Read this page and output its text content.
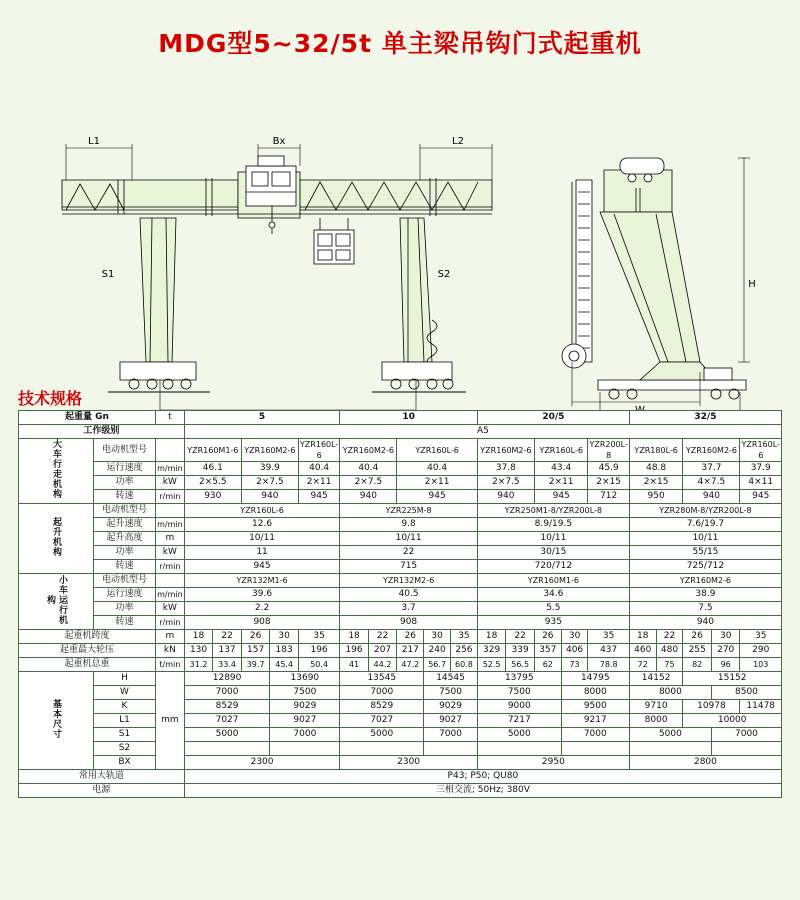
MDG型5~32/5t 单主梁吊钩门式起重机
L1	Bx	L2
S1	S2
H
技术规格
起重量 Gn		t	5					10					20/5					32/5				
工作级别			A5																			
大车行走机构	电动机型号		YZR160M1-6		YZR160M2-6		YZR160L-6	YZR160M2-6		YZR160L-6			YZR160M2-6		YZR160L-6		YZR200L-8	YZR180L-6		YZR160M2-6		YZR160L-6
	运行速度	m/min	46.1		39.9		40.4	40.4		40.4			37.8		43.4		45.9	48.8		37.7		37.9
	功率	kW	2×5.5		2×7.5		2×11	2×7.5		2×11			2×7.5		2×11		2×15	2×15		4×7.5		4×11
	转速	r/min	930		940		945	940		945			940		945		712	950		940		945
起升机构	电动机型号		YZR160L-6					YZR225M-8					YZR250M1-8/YZR200L-8					YZR280M-8/YZR200L-8				
	起升速度	m/min	12.6					9.8					8.9/19.5					7.6/19.7				
	起升高度	m	10/11					10/11					10/11					10/11				
	功率	kW	11					22					30/15					55/15				
	转速	r/min	945					715					720/712					725/712				
小车运行机构	电动机型号		YZR132M1-6					YZR132M2-6					YZR160M1-6					YZR160M2-6				
	运行速度	m/min	39.6					40.5					34.6					38.9				
	功率	kW	2.2					3.7					5.5					7.5				
	转速	r/min	908					908					935					940				
起重机跨度		m	18	22	26	30	35	18	22	26	30	35	18	22	26	30	35	18	22	26	30	35
起重最大轮压		kN	130	137	157	183	196	196	207	217	240	256	329	339	357	406	437	460	480	255	270	290
起重机总重		t/min	31.2	33.4	39.7	45.4	50.4	41	44.2	47.2	56.7	60.8	52.5	56.5	62	73	78.8	72	75	82	96	103
基本尺寸	H	mm	12890			13690		13545			14545		13795			14795		14152		15152		
	W		7000			7500		7000			7500		7500			8000		8000			8500	
	K		8529			9029		8529			9029		9000			9500		9710		10978		11478
	L1		7027			9027		7027			9027		7217			9217		8000		10000		
	S1		5000			7000		5000			7000		5000			7000		5000			7000	
	S2																					
	BX		2300					2300					2950					2800				
常用大轨道			P43; P50; QU80																			
电源			三相交流; 50Hz; 380V																			
